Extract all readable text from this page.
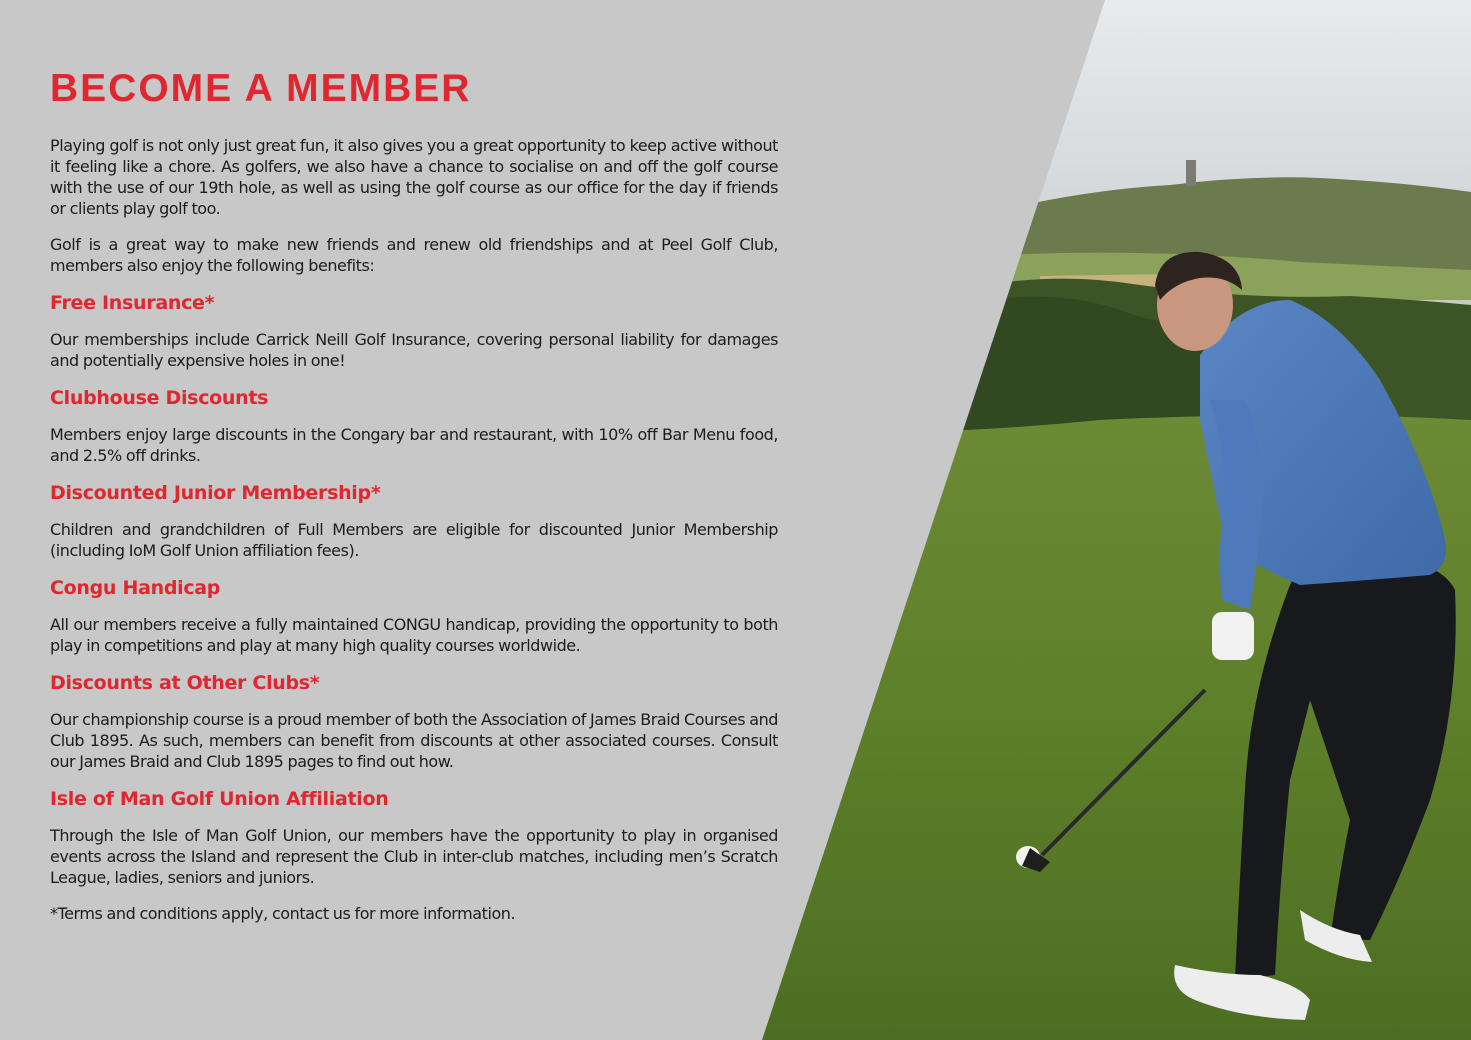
BECOME A MEMBER

Playing golf is not only just great fun, it also gives you a great opportunity to keep active without it feeling like a chore. As golfers, we also have a chance to socialise on and off the golf course with the use of our 19th hole, as well as using the golf course as our office for the day if friends or clients play golf too.

Golf is a great way to make new friends and renew old friendships and at Peel Golf Club, members also enjoy the following benefits:

Free Insurance*

Our memberships include Carrick Neill Golf Insurance, covering personal liability for damages and potentially expensive holes in one!

Clubhouse Discounts

Members enjoy large discounts in the Congary bar and restaurant, with 10% off Bar Menu food, and 2.5% off drinks.

Discounted Junior Membership*

Children and grandchildren of Full Members are eligible for discounted Junior Membership (including IoM Golf Union affiliation fees).

Congu Handicap

All our members receive a fully maintained CONGU handicap, providing the opportunity to both play in competitions and play at many high quality courses worldwide.

Discounts at Other Clubs*

Our championship course is a proud member of both the Association of James Braid Courses and Club 1895. As such, members can benefit from discounts at other associated courses. Consult our James Braid and Club 1895 pages to find out how.

Isle of Man Golf Union Affiliation

Through the Isle of Man Golf Union, our members have the opportunity to play in organised events across the Island and represent the Club in inter-club matches, including men’s Scratch League, ladies, seniors and juniors.

*Terms and conditions apply, contact us for more information.
